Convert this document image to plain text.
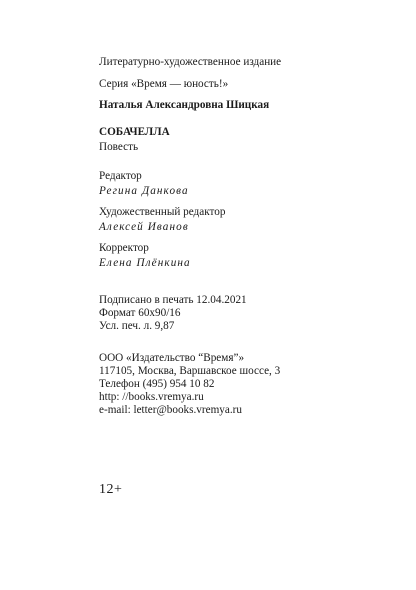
Литературно-художественное издание
Серия «Время — юность!»
Наталья Александровна Шицкая
СОБАЧЕЛЛА
Повесть
Редактор
Регина Данкова
Художественный редактор
Алексей Иванов
Корректор
Елена Плёнкина
Подписано в печать 12.04.2021
Формат 60х90/16
Усл. печ. л. 9,87
ООО «Издательство “Время”»
117105, Москва, Варшавское шоссе, 3
Телефон (495) 954 10 82
http: //books.vremya.ru
e-mail: letter@books.vremya.ru
12+
